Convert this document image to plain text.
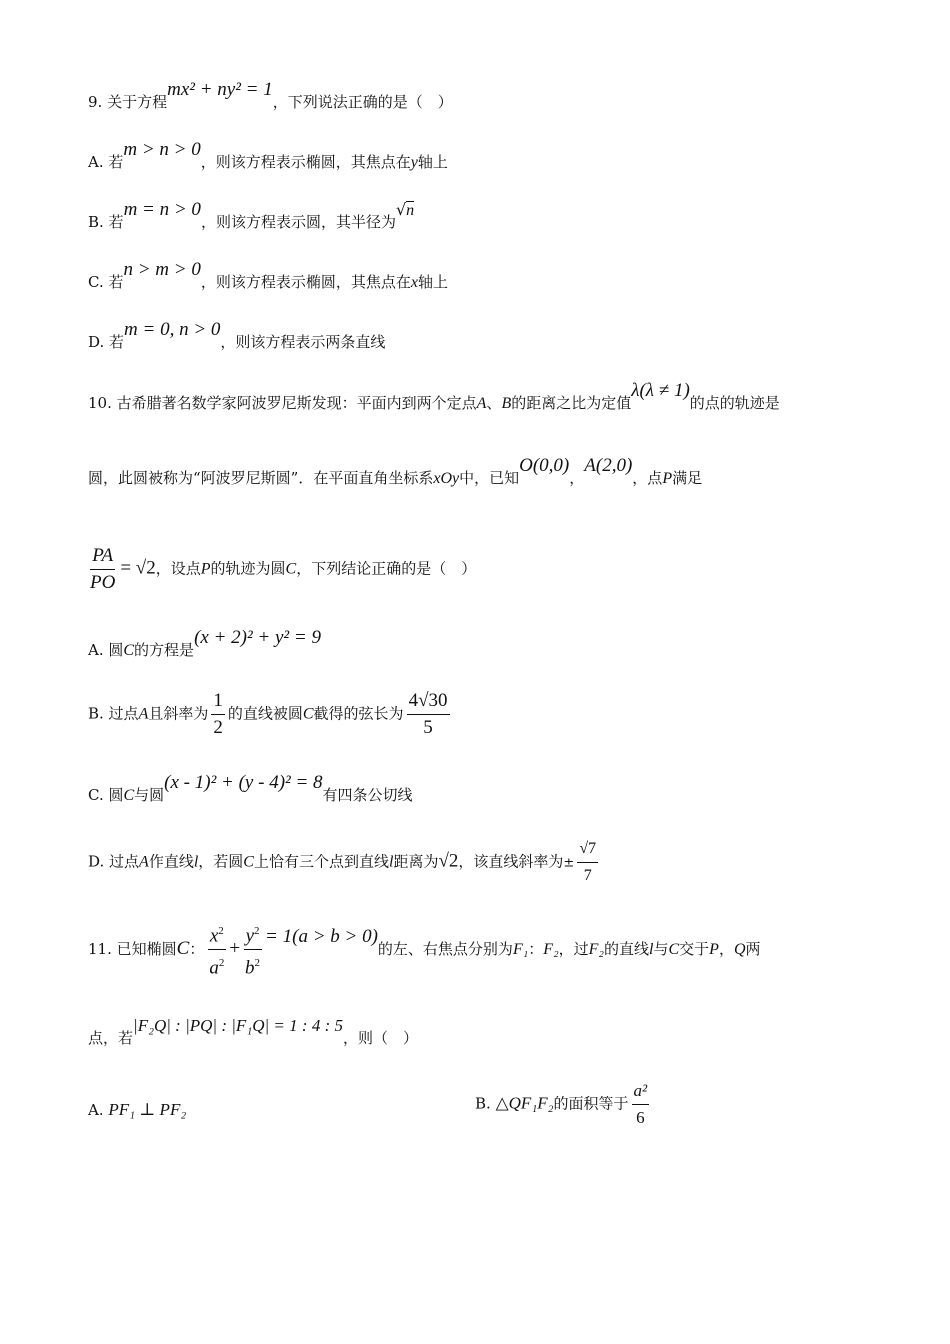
9. 关于方程mx² + ny² = 1，下列说法正确的是（　）
A. 若m > n > 0，则该方程表示椭圆，其焦点在y轴上
B. 若m = n > 0，则该方程表示圆，其半径为√n
C. 若n > m > 0，则该方程表示椭圆，其焦点在x轴上
D. 若m = 0, n > 0，则该方程表示两条直线
10. 古希腊著名数学家阿波罗尼斯发现：平面内到两个定点A、B的距离之比为定值λ(λ ≠ 1)的点的轨迹是
圆，此圆被称为“阿波罗尼斯圆”．在平面直角坐标系xOy中，已知O(0,0)，A(2,0)，点P满足
$\frac{PA}{PO} = √2$，设点P的轨迹为圆C，下列结论正确的是（　）
A. 圆C的方程是(x + 2)² + y² = 9
B. 过点A且斜率为 $\frac{1}{2}$ 的直线被圆C截得的弦长为 $\frac{4√30}{5}$
C. 圆C与圆(x - 1)² + (y - 4)² = 8有四条公切线
D. 过点A作直线l，若圆C上恰有三个点到直线l距离为√2，该直线斜率为± $\frac{√7}{7}$
11. 已知椭圆C： $\frac{x^2}{a^2} + \frac{y^2}{b^2} = 1(a > b > 0)$的左、右焦点分别为F₁：F₂，过F₂的直线l与C交于P，Q两
点，若|F₂Q| : |PQ| : |F₁Q| = 1 : 4 : 5，则（　）
A. PF₁ ⊥ PF₂	B. △QF₁F₂的面积等于 $\frac{\text{a²}}{6}$
